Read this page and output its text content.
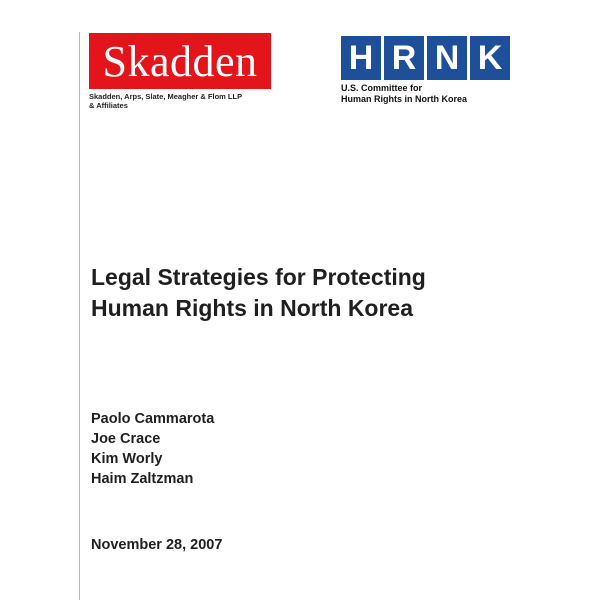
Skadden
Skadden, Arps, Slate, Meagher & Flom LLP
& Affiliates
H R N K
U.S. Committee for
Human Rights in North Korea
Legal Strategies for Protecting
Human Rights in North Korea
Paolo Cammarota
Joe Crace
Kim Worly
Haim Zaltzman
November 28, 2007
